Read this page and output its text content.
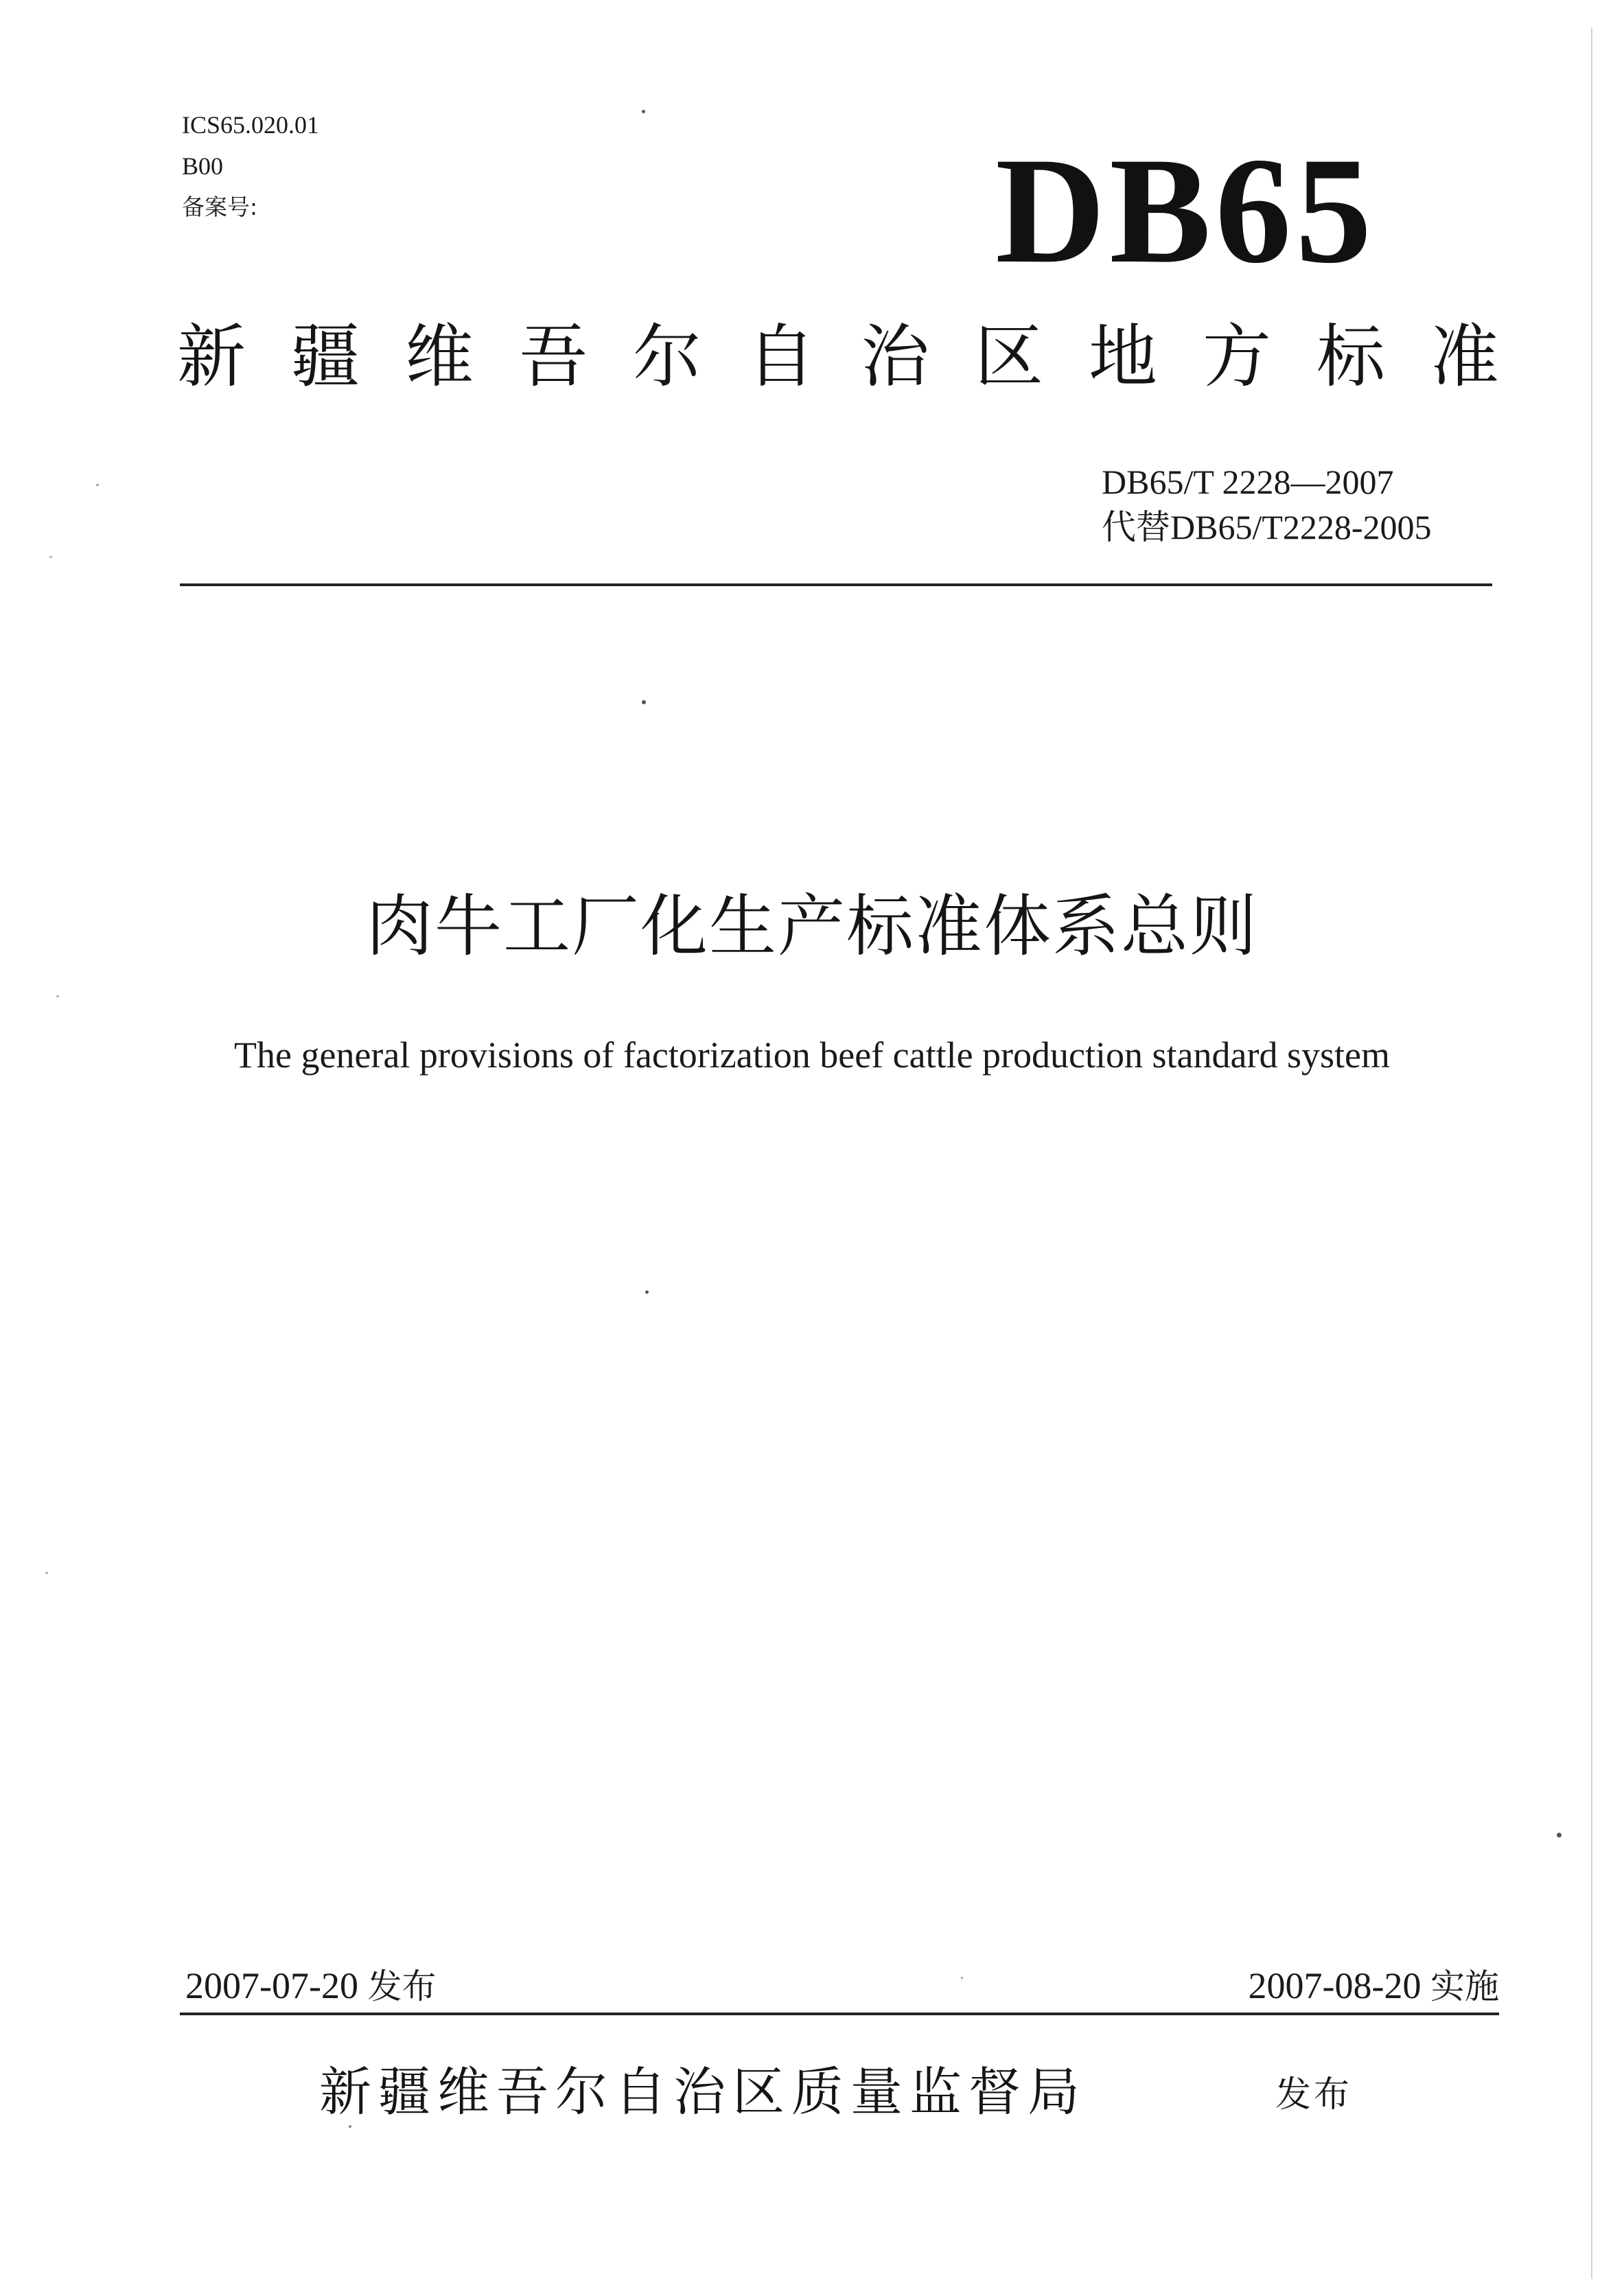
ICS65.020.01
B00
备案号:	DB65
新疆维吾尔自治区地方标准
DB65/T 2228—2007
代替DB65/T2228-2005
肉牛工厂化生产标准体系总则
The general provisions of factorization beef cattle production standard system
2007-07-20 发布	2007-08-20 实施
新疆维吾尔自治区质量监督局	发布
